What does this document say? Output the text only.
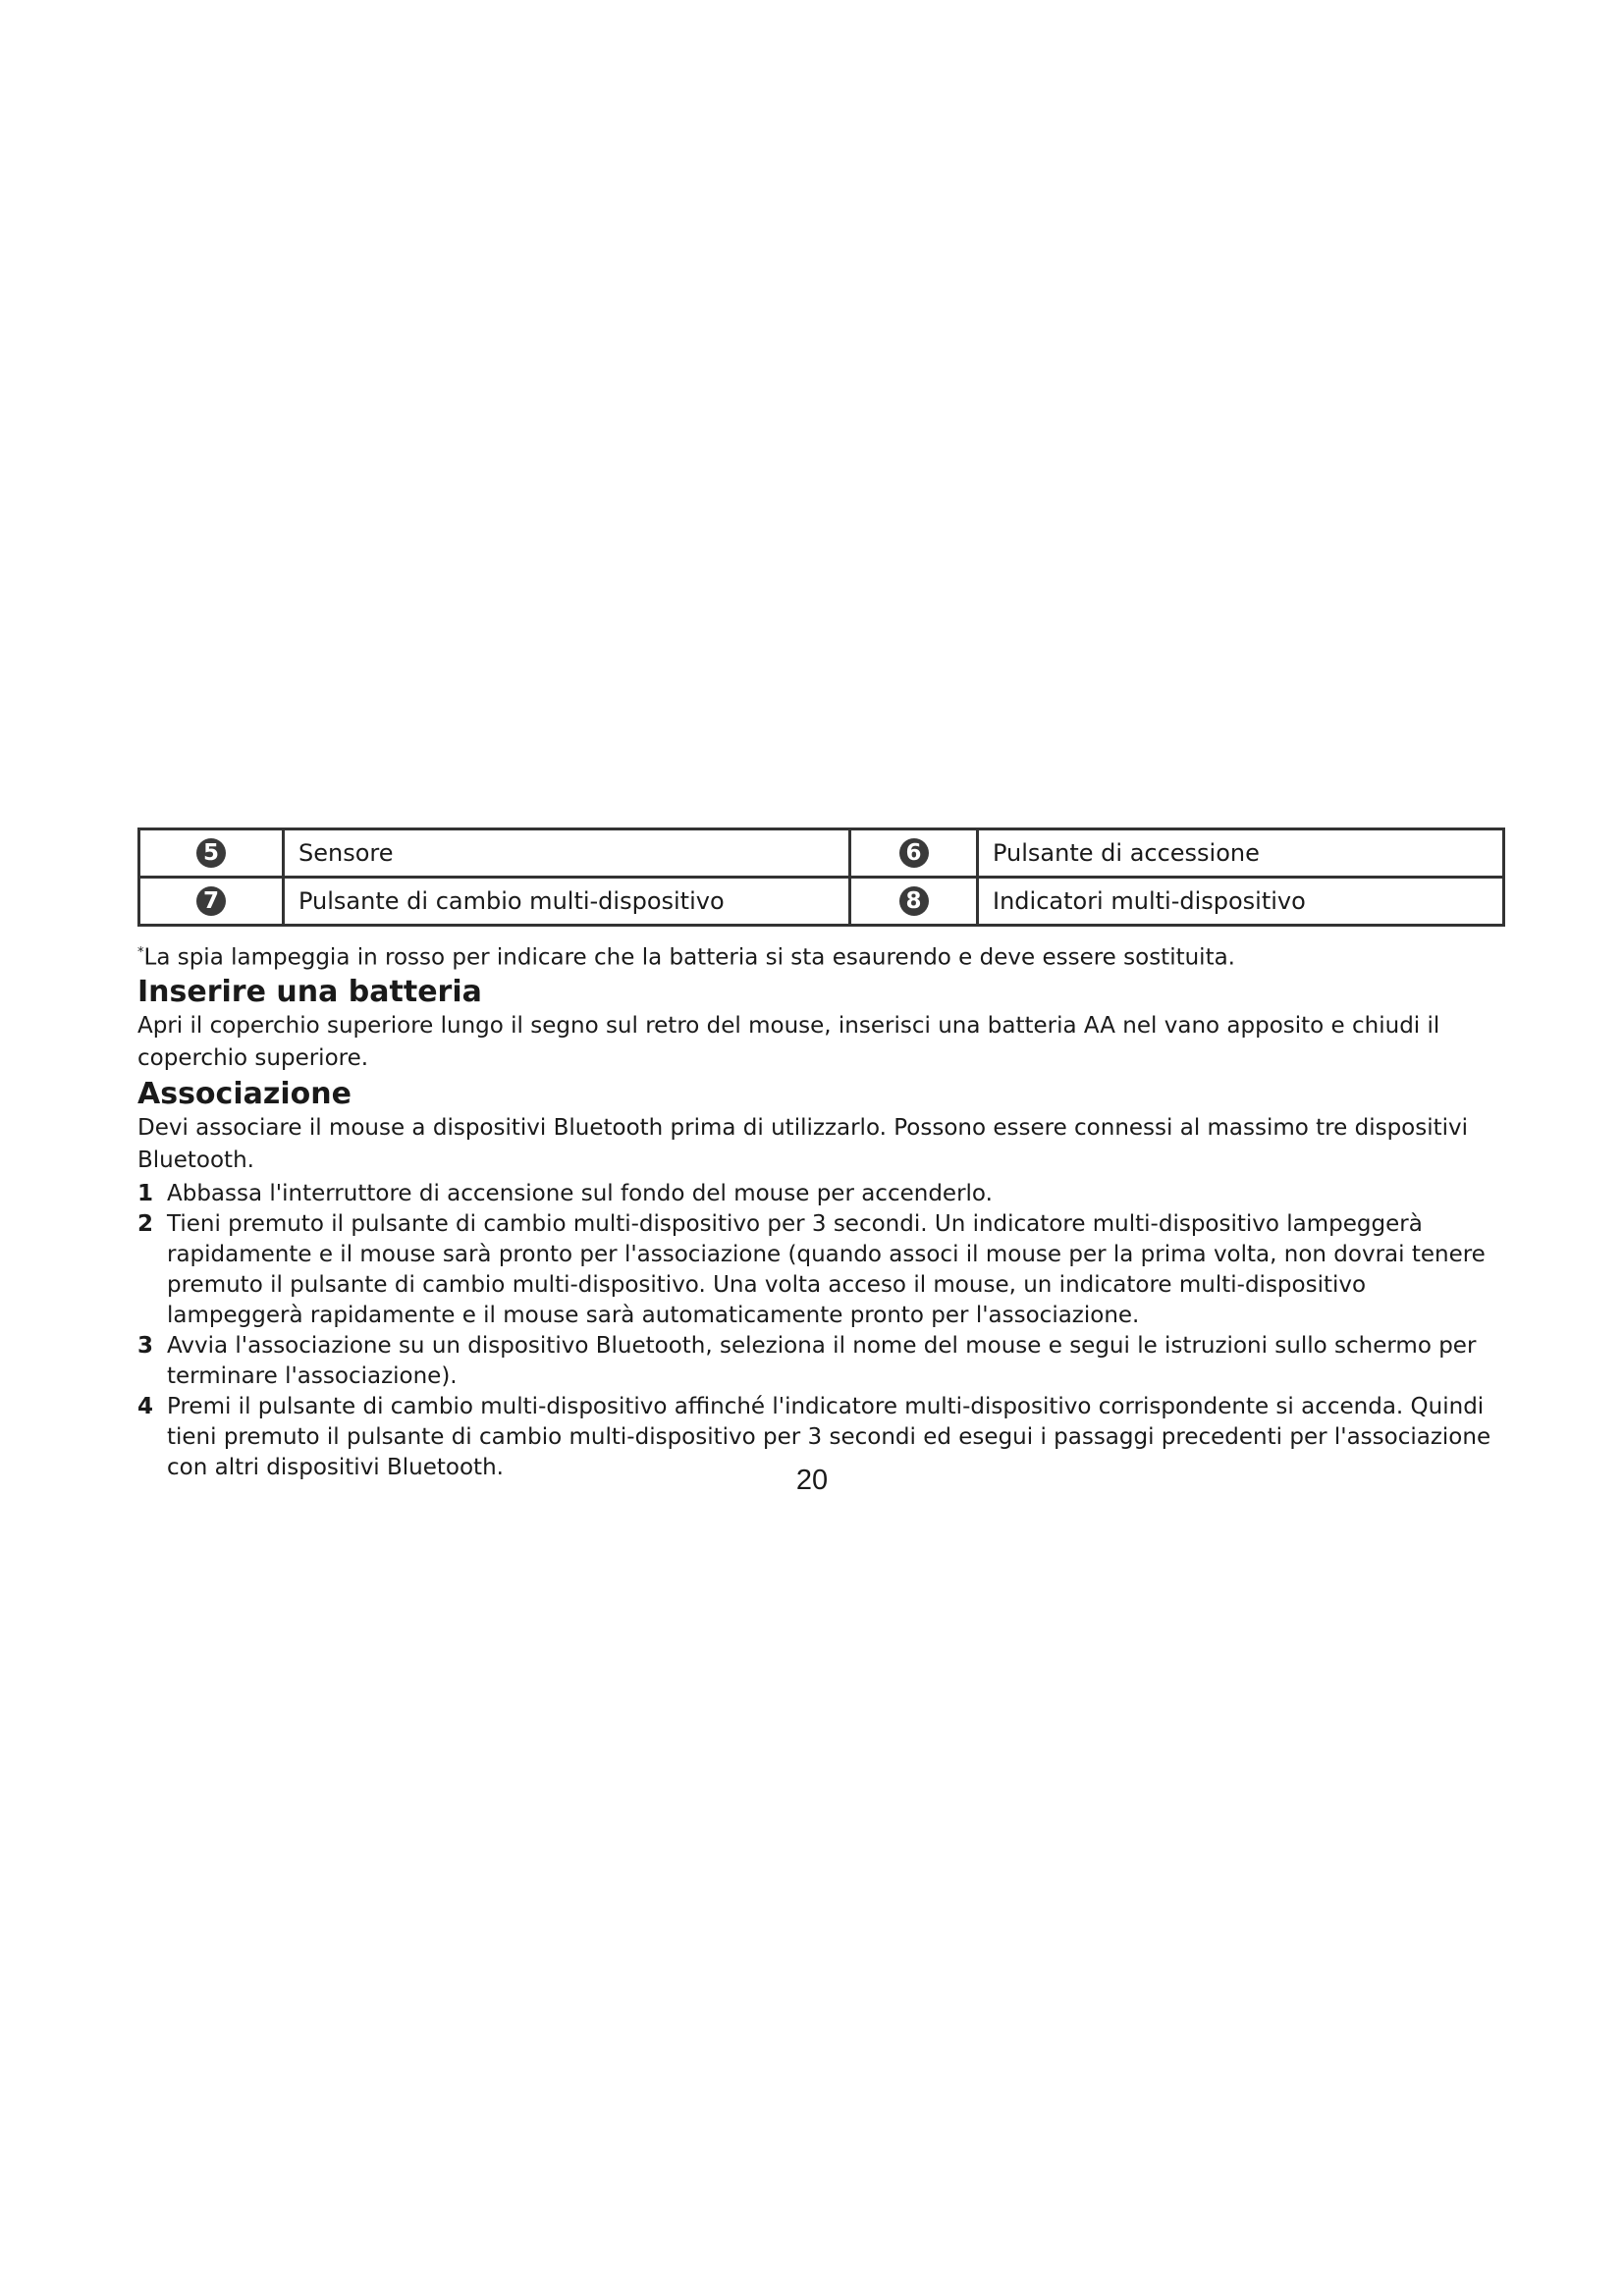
5	Sensore	6	Pulsante di accessione
7	Pulsante di cambio multi-dispositivo	8	Indicatori multi-dispositivo
*La spia lampeggia in rosso per indicare che la batteria si sta esaurendo e deve essere sostituita.
Inserire una batteria

Apri il coperchio superiore lungo il segno sul retro del mouse, inserisci una batteria AA nel vano apposito e chiudi il coperchio superiore.

Associazione

Devi associare il mouse a dispositivi Bluetooth prima di utilizzarlo. Possono essere connessi al massimo tre dispositivi Bluetooth.

1 Abbassa l'interruttore di accensione sul fondo del mouse per accenderlo.
2 Tieni premuto il pulsante di cambio multi-dispositivo per 3 secondi. Un indicatore multi-dispositivo lampeggerà rapidamente e il mouse sarà pronto per l'associazione (quando associ il mouse per la prima volta, non dovrai tenere premuto il pulsante di cambio multi-dispositivo. Una volta acceso il mouse, un indicatore multi-dispositivo lampeggerà rapidamente e il mouse sarà automaticamente pronto per l'associazione.
3 Avvia l'associazione su un dispositivo Bluetooth, seleziona il nome del mouse e segui le istruzioni sullo schermo per terminare l'associazione).
4 Premi il pulsante di cambio multi-dispositivo affinché l'indicatore multi-dispositivo corrispondente si accenda. Quindi tieni premuto il pulsante di cambio multi-dispositivo per 3 secondi ed esegui i passaggi precedenti per l'associazione con altri dispositivi Bluetooth.	20
